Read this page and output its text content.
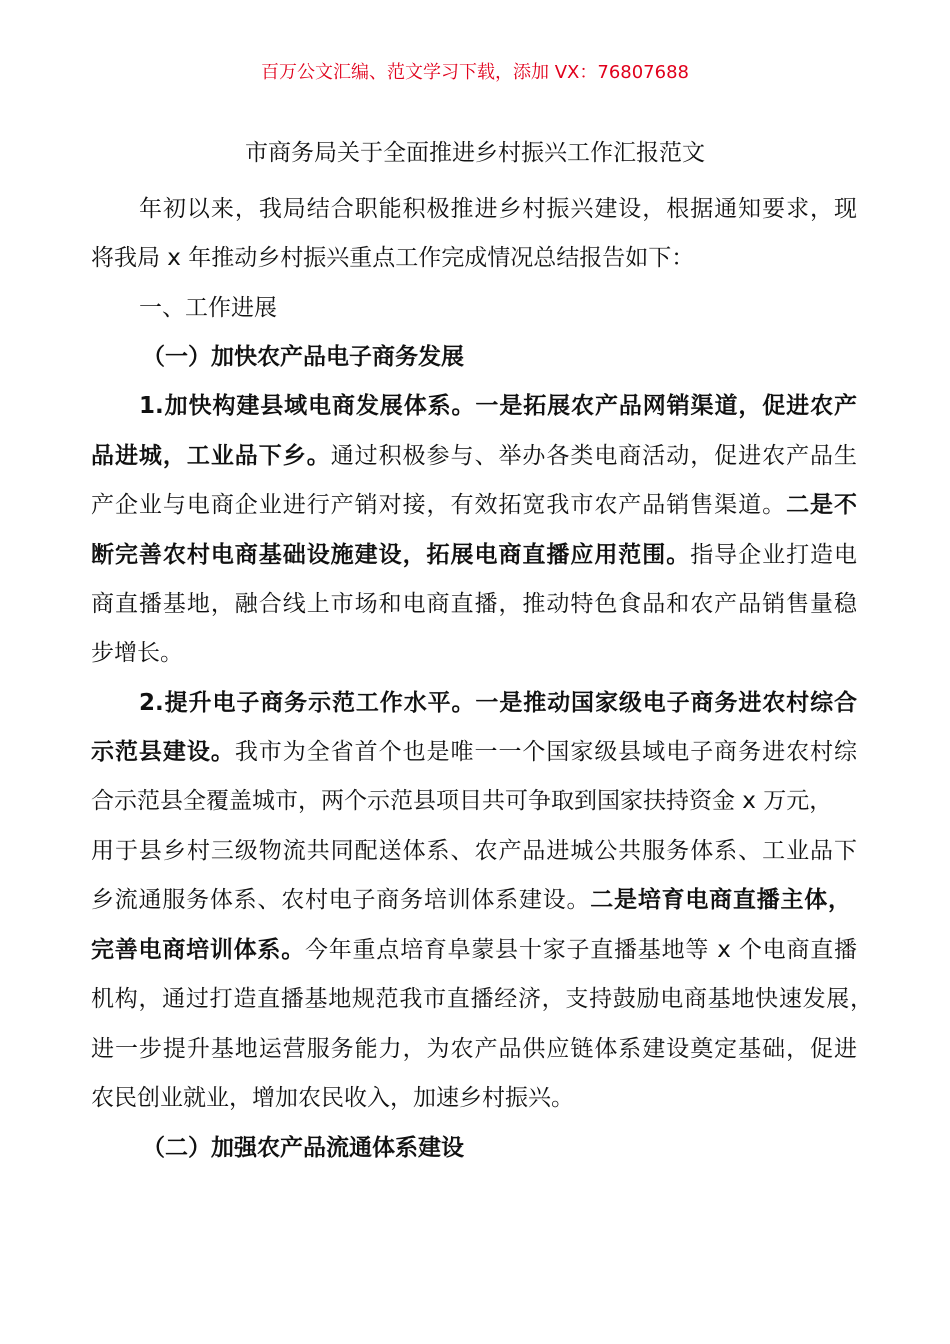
百万公文汇编、范文学习下载，添加 VX：76807688
市商务局关于全面推进乡村振兴工作汇报范文
年初以来，我局结合职能积极推进乡村振兴建设，根据通知要求，现
将我局 x 年推动乡村振兴重点工作完成情况总结报告如下：
一、工作进展
（一）加快农产品电子商务发展
1.加快构建县域电商发展体系。一是拓展农产品网销渠道，促进农产
品进城，工业品下乡。通过积极参与、举办各类电商活动，促进农产品生
产企业与电商企业进行产销对接，有效拓宽我市农产品销售渠道。二是不
断完善农村电商基础设施建设，拓展电商直播应用范围。指导企业打造电
商直播基地，融合线上市场和电商直播，推动特色食品和农产品销售量稳
步增长。
2.提升电子商务示范工作水平。一是推动国家级电子商务进农村综合
示范县建设。我市为全省首个也是唯一一个国家级县域电子商务进农村综
合示范县全覆盖城市，两个示范县项目共可争取到国家扶持资金 x 万元，
用于县乡村三级物流共同配送体系、农产品进城公共服务体系、工业品下
乡流通服务体系、农村电子商务培训体系建设。二是培育电商直播主体，
完善电商培训体系。今年重点培育阜蒙县十家子直播基地等 x 个电商直播
机构，通过打造直播基地规范我市直播经济，支持鼓励电商基地快速发展，
进一步提升基地运营服务能力，为农产品供应链体系建设奠定基础，促进
农民创业就业，增加农民收入，加速乡村振兴。
（二）加强农产品流通体系建设
